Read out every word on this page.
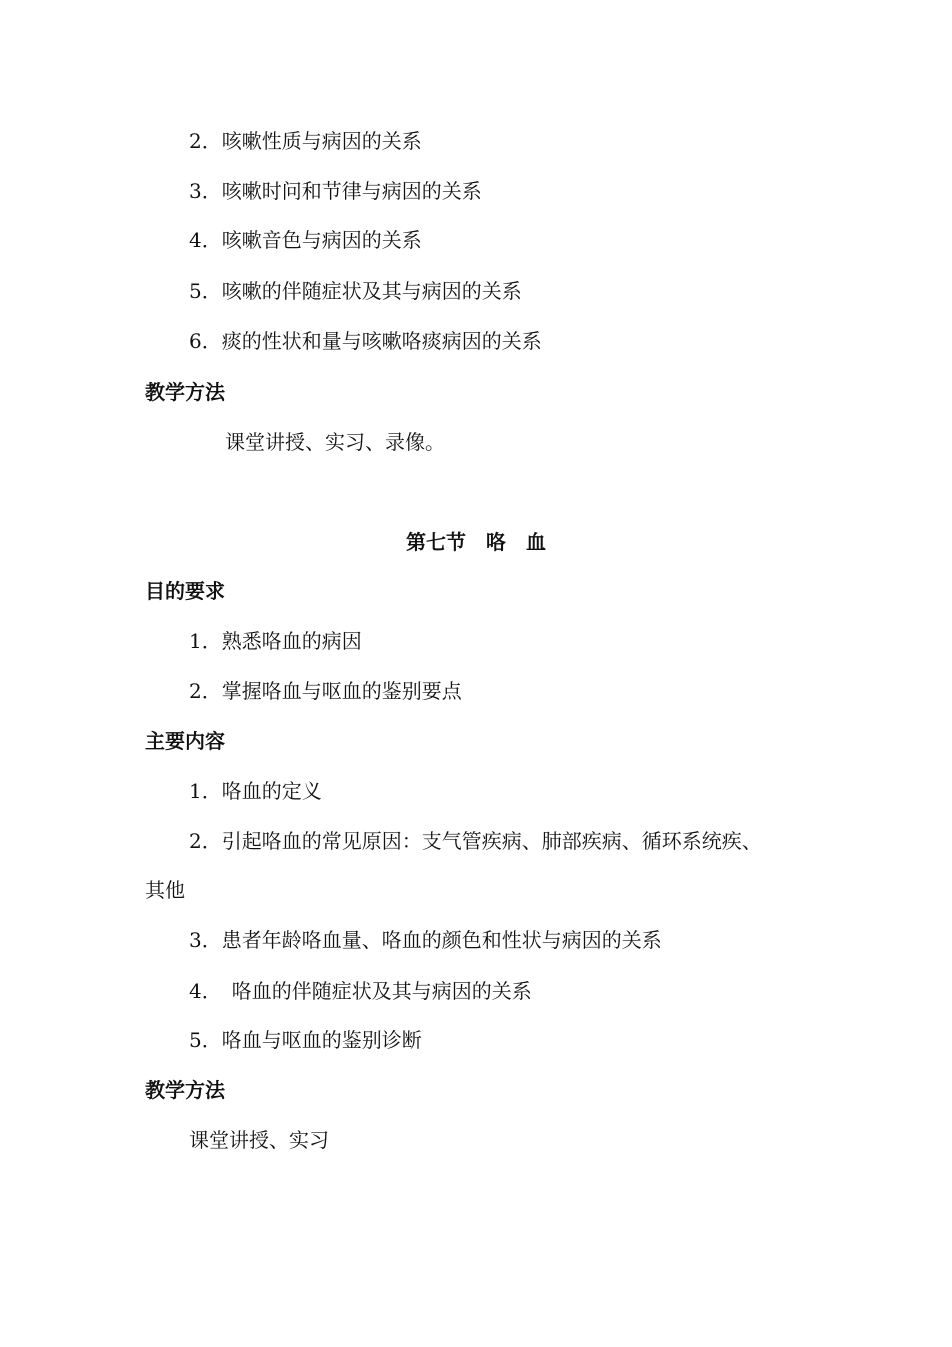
2．咳嗽性质与病因的关系
3．咳嗽时问和节律与病因的关系
4．咳嗽音色与病因的关系
5．咳嗽的伴随症状及其与病因的关系
6．痰的性状和量与咳嗽咯痰病因的关系
教学方法
课堂讲授、实习、录像。
第七节　咯　血
目的要求
1．熟悉咯血的病因
2．掌握咯血与呕血的鉴别要点
主要内容
1．咯血的定义
2．引起咯血的常见原因：支气管疾病、肺部疾病、循环系统疾、
其他
3．患者年龄咯血量、咯血的颜色和性状与病因的关系
4．　咯血的伴随症状及其与病因的关系
5．咯血与呕血的鉴别诊断
教学方法
课堂讲授、实习
